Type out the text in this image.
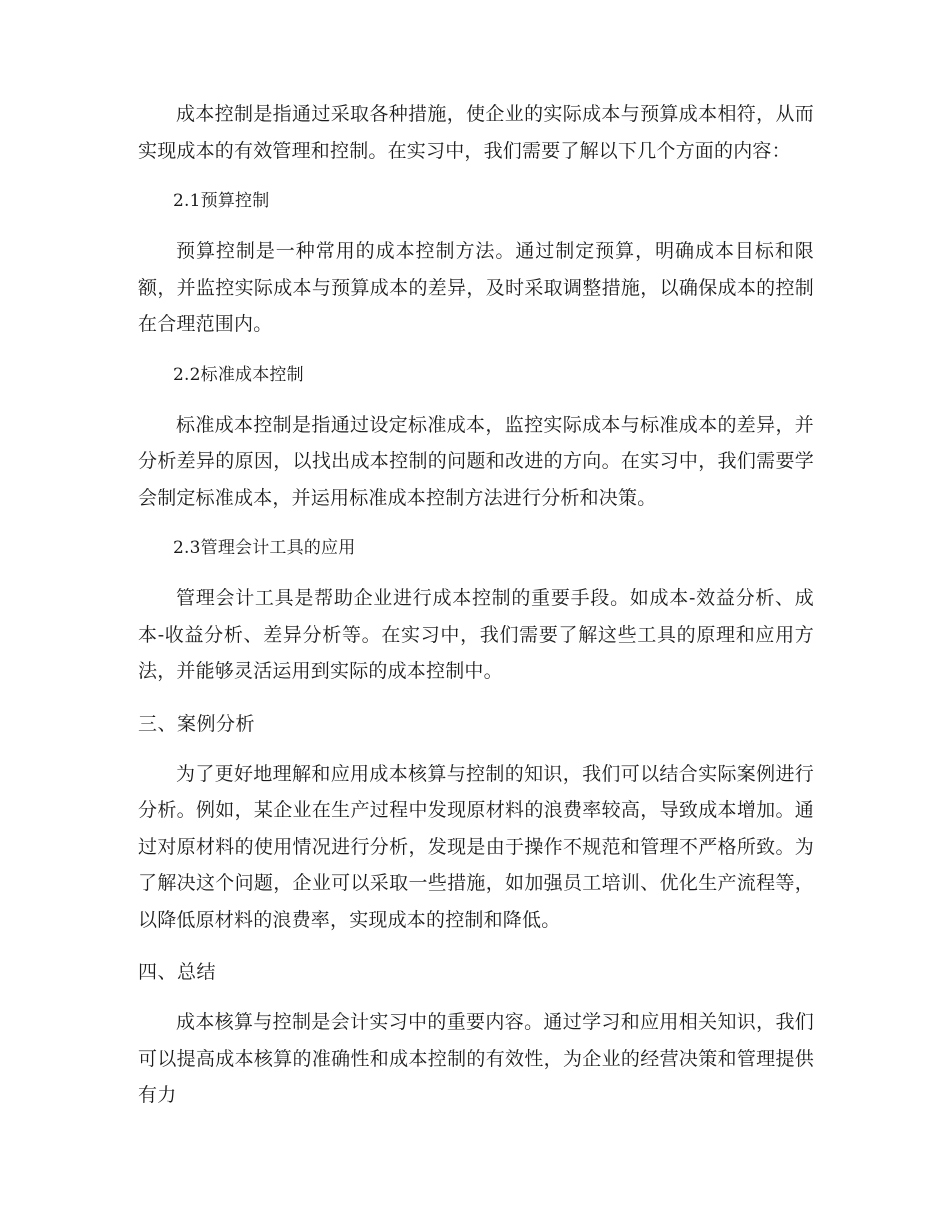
成本控制是指通过采取各种措施，使企业的实际成本与预算成本相符，从而实现成本的有效管理和控制。在实习中，我们需要了解以下几个方面的内容：

2.1预算控制

预算控制是一种常用的成本控制方法。通过制定预算，明确成本目标和限额，并监控实际成本与预算成本的差异，及时采取调整措施，以确保成本的控制在合理范围内。

2.2标准成本控制

标准成本控制是指通过设定标准成本，监控实际成本与标准成本的差异，并分析差异的原因，以找出成本控制的问题和改进的方向。在实习中，我们需要学会制定标准成本，并运用标准成本控制方法进行分析和决策。

2.3管理会计工具的应用

管理会计工具是帮助企业进行成本控制的重要手段。如成本-效益分析、成本-收益分析、差异分析等。在实习中，我们需要了解这些工具的原理和应用方法，并能够灵活运用到实际的成本控制中。

三、案例分析

为了更好地理解和应用成本核算与控制的知识，我们可以结合实际案例进行分析。例如，某企业在生产过程中发现原材料的浪费率较高，导致成本增加。通过对原材料的使用情况进行分析，发现是由于操作不规范和管理不严格所致。为了解决这个问题，企业可以采取一些措施，如加强员工培训、优化生产流程等，以降低原材料的浪费率，实现成本的控制和降低。

四、总结

成本核算与控制是会计实习中的重要内容。通过学习和应用相关知识，我们可以提高成本核算的准确性和成本控制的有效性，为企业的经营决策和管理提供有力
